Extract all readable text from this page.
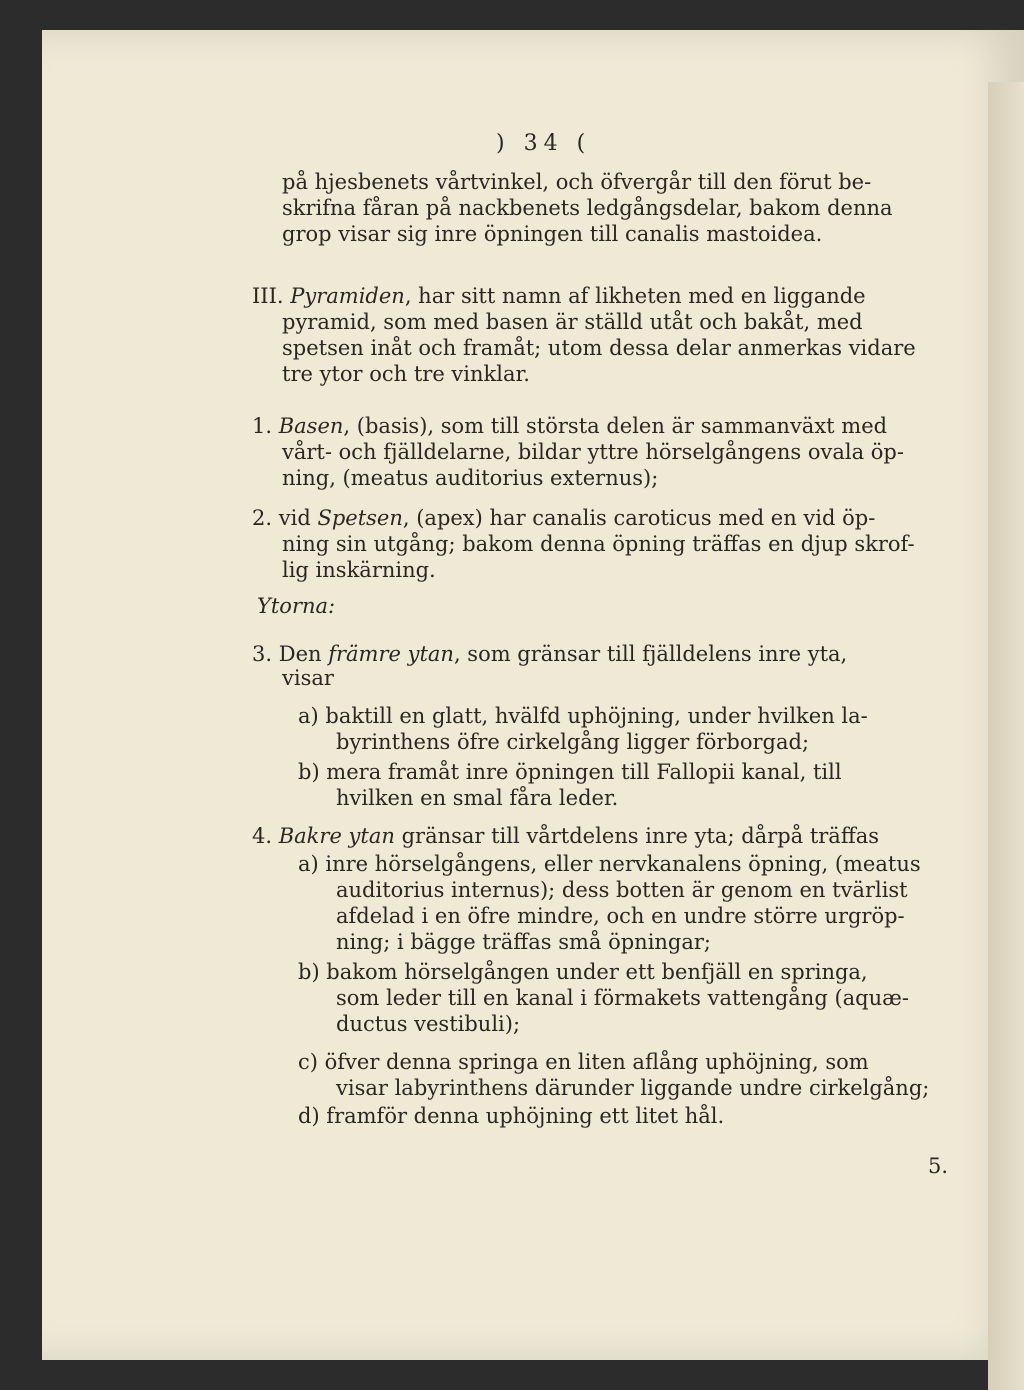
) 34 (
på hjesbenets vårtvinkel, och öfvergår till den förut be-
skrifna fåran på nackbenets ledgångsdelar, bakom denna
grop visar sig inre öpningen till canalis mastoidea.
III. Pyramiden, har sitt namn af likheten med en liggande
pyramid, som med basen är ställd utåt och bakåt, med
spetsen inåt och framåt; utom dessa delar anmerkas vidare
tre ytor och tre vinklar.
1. Basen, (basis), som till största delen är sammanväxt med
vårt- och fjälldelarne, bildar yttre hörselgångens ovala öp-
ning, (meatus auditorius externus);
2. vid Spetsen, (apex) har canalis caroticus med en vid öp-
ning sin utgång; bakom denna öpning träffas en djup skrof-
lig inskärning.
Ytorna:
3. Den främre ytan, som gränsar till fjälldelens inre yta,
visar
a) baktill en glatt, hvälfd uphöjning, under hvilken la-
byrinthens öfre cirkelgång ligger förborgad;
b) mera framåt inre öpningen till Fallopii kanal, till
hvilken en smal fåra leder.
4. Bakre ytan gränsar till vårtdelens inre yta; dårpå träffas
a) inre hörselgångens, eller nervkanalens öpning, (meatus
auditorius internus); dess botten är genom en tvärlist
afdelad i en öfre mindre, och en undre större urgröp-
ning; i bägge träffas små öpningar;
b) bakom hörselgången under ett benfjäll en springa,
som leder till en kanal i förmakets vattengång (aquæ-
ductus vestibuli);
c) öfver denna springa en liten aflång uphöjning, som
visar labyrinthens därunder liggande undre cirkelgång;
d) framför denna uphöjning ett litet hål.
5.
